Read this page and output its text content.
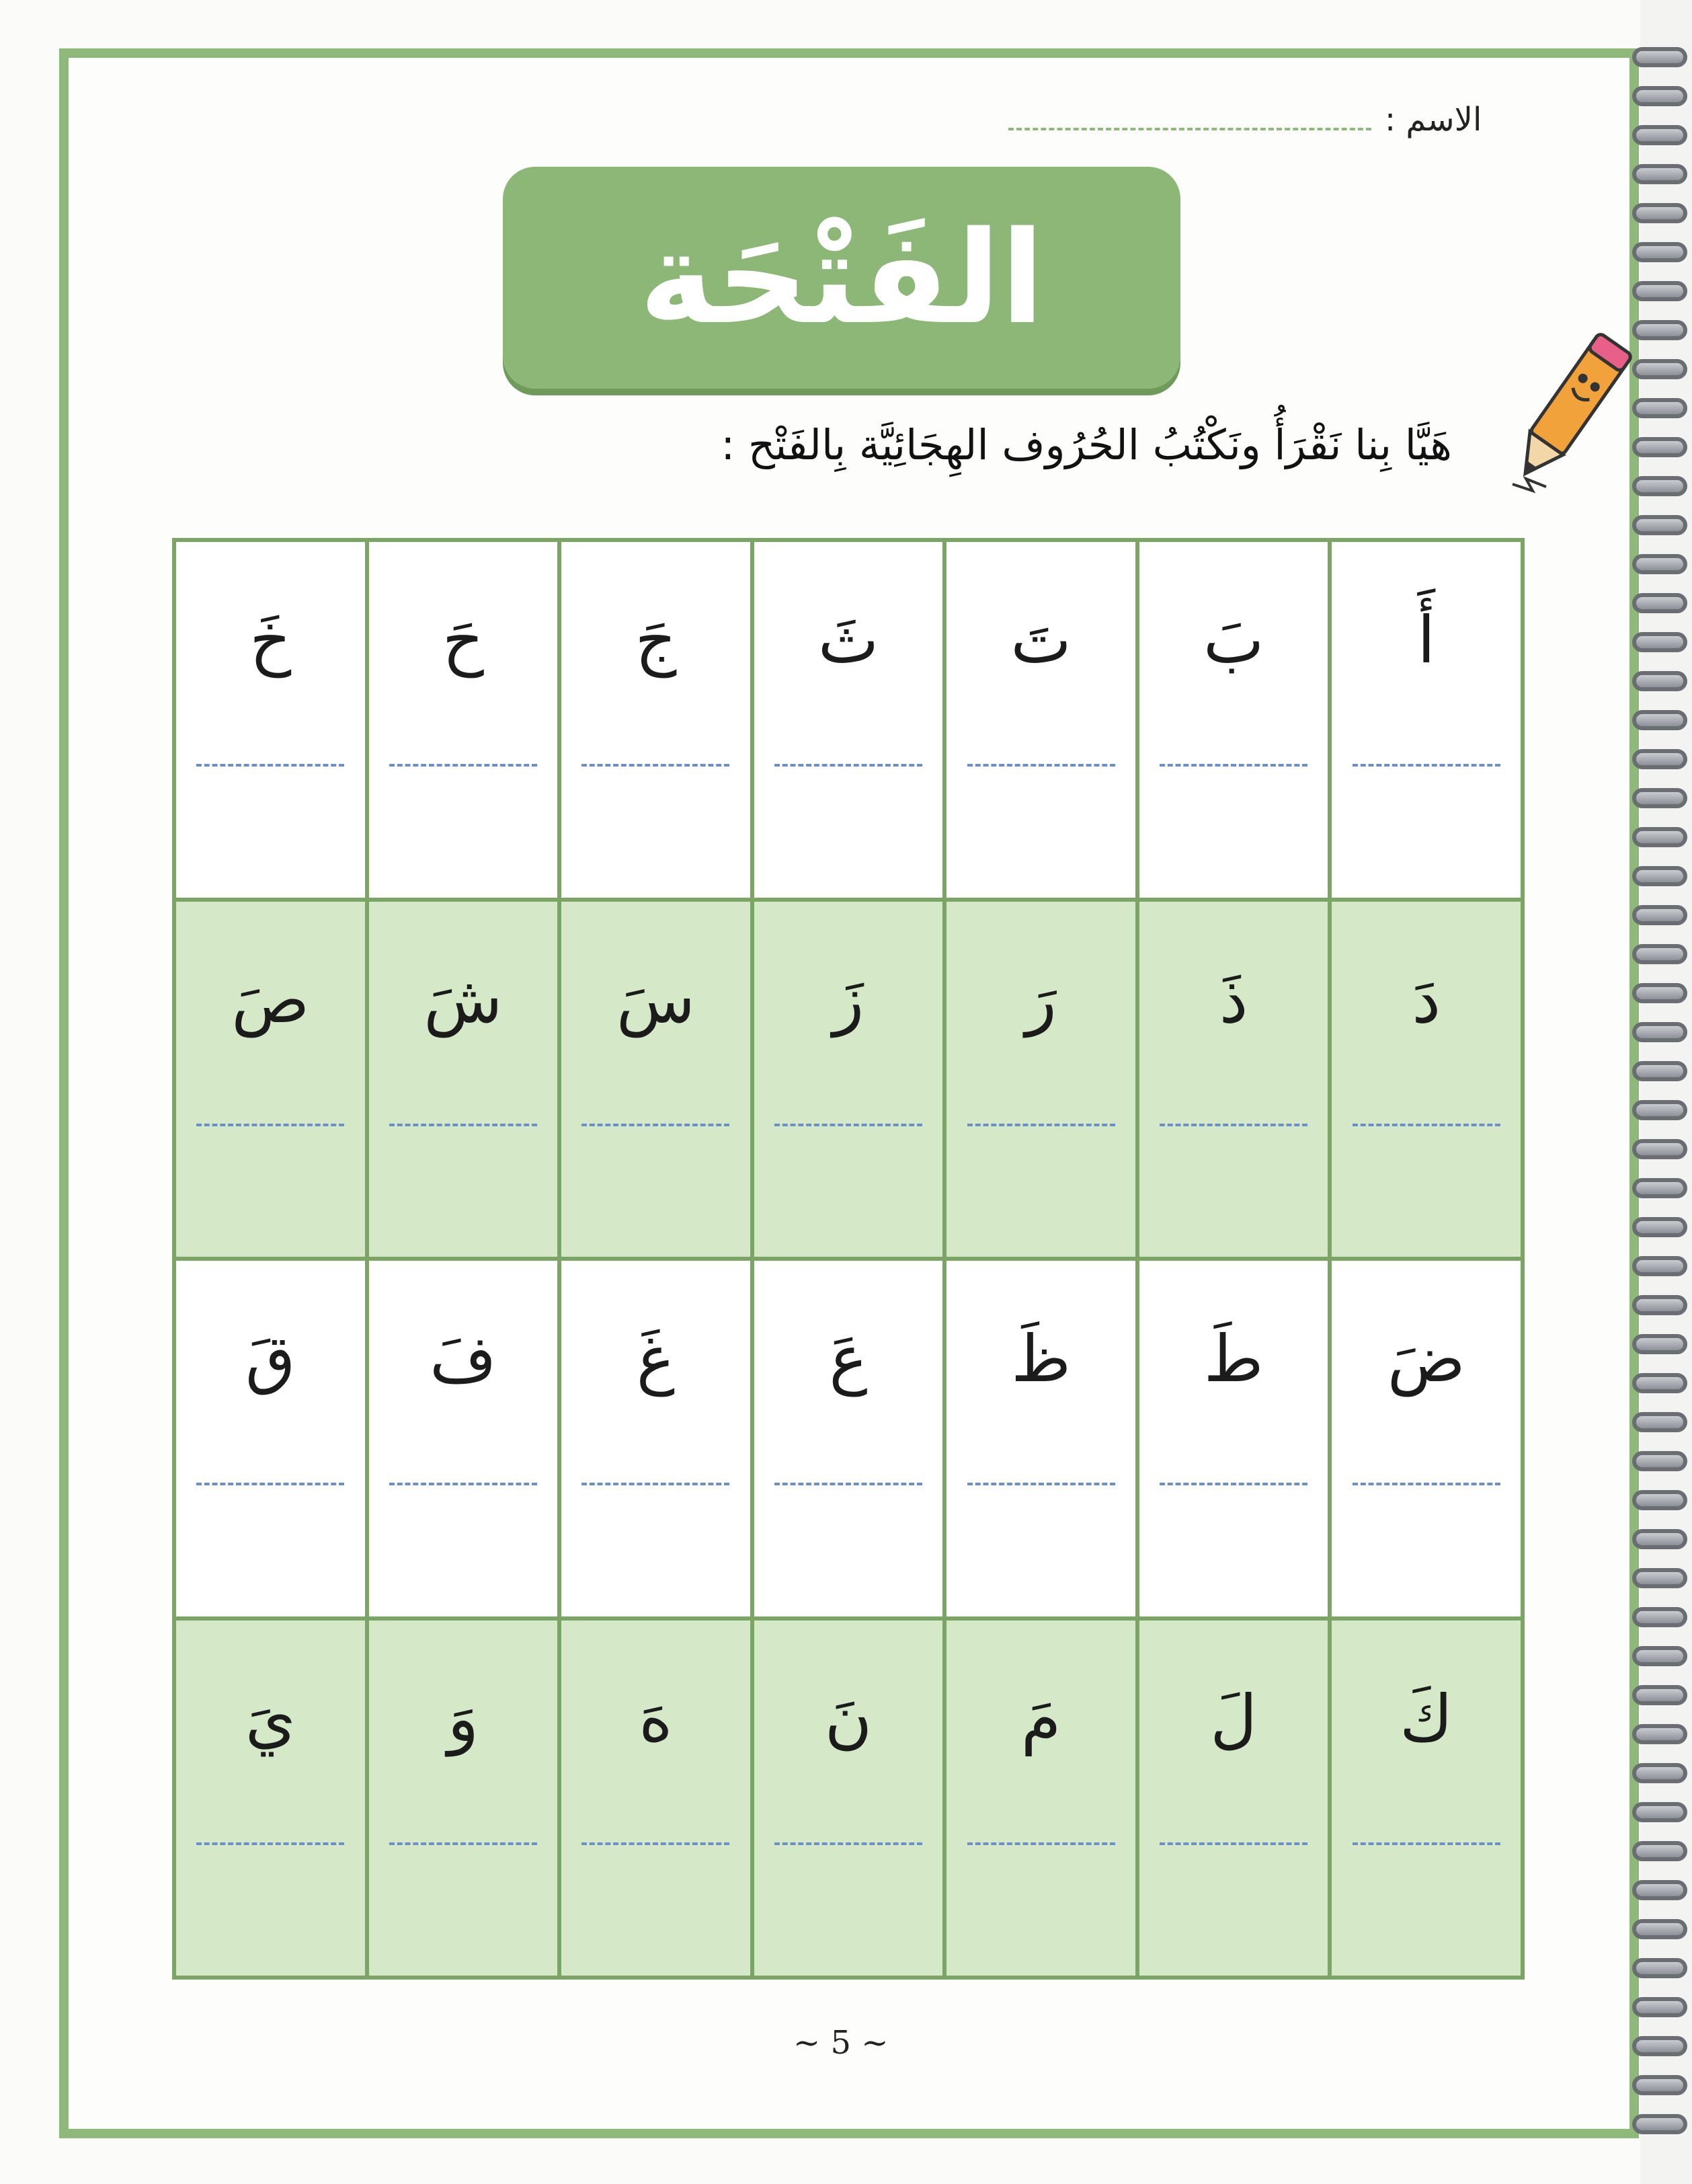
الاسم :
الفَتْحَة
هَيَّا بِنا نَقْرَأُ ونَكْتُبُ الحُرُوف الهِجَائِيَّة بِالفَتْح :
أَ
بَ
تَ
ثَ
جَ
حَ
خَ
دَ
ذَ
رَ
زَ
سَ
شَ
صَ
ضَ
طَ
ظَ
عَ
غَ
فَ
قَ
كَ
لَ
مَ
نَ
هَ
وَ
يَ
~ 5 ~
